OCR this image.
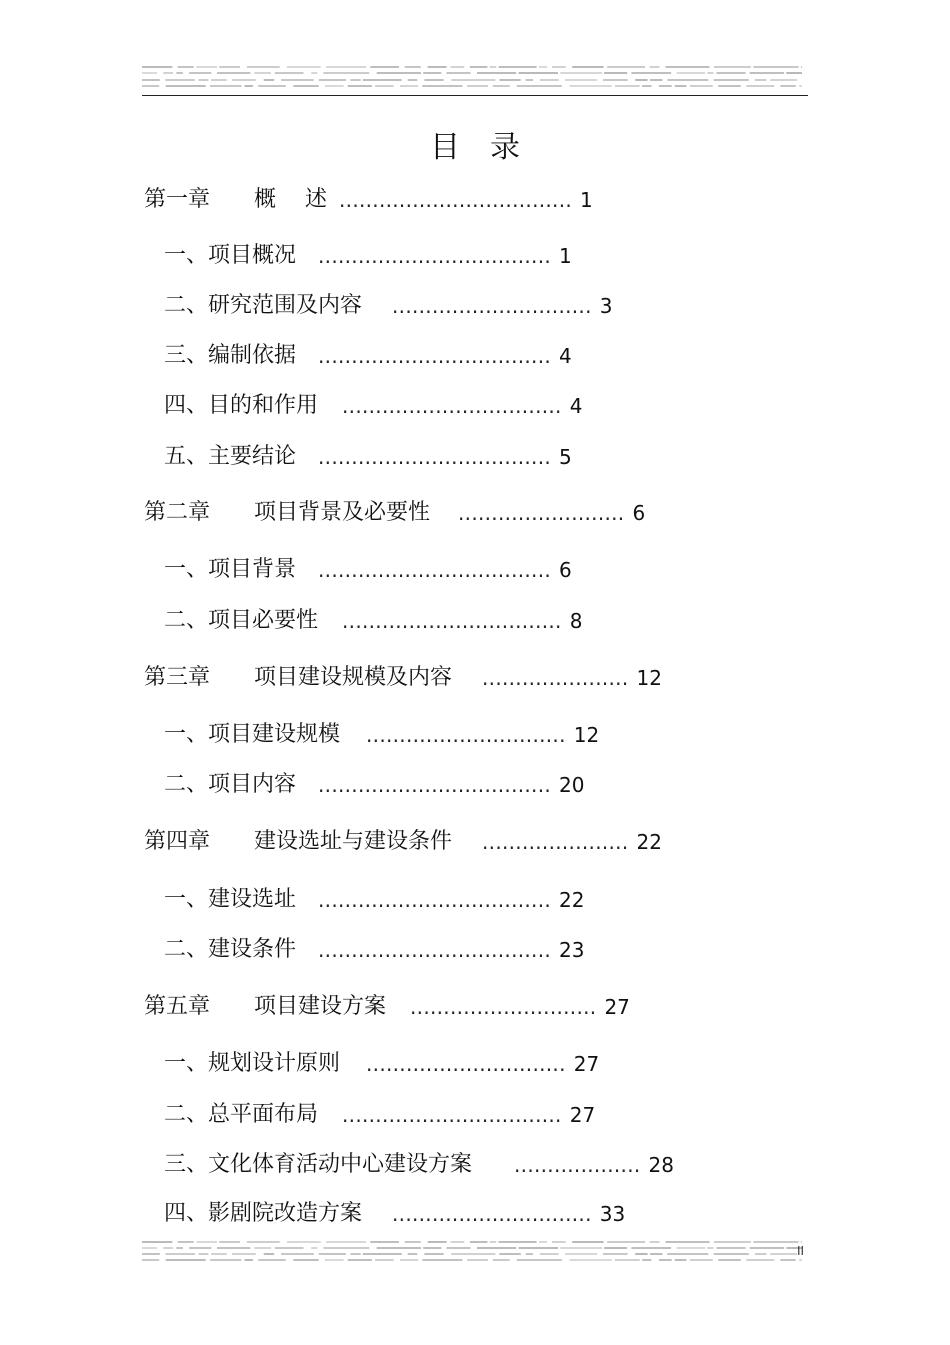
目　录
第一章　　概　 述 ................................... 1
一、项目概况 ................................... 1
二、研究范围及内容 .............................. 3
三、编制依据 ................................... 4
四、目的和作用 ................................. 4
五、主要结论 ................................... 5
第二章　　项目背景及必要性 ......................... 6
一、项目背景 ................................... 6
二、项目必要性 ................................. 8
第三章　　项目建设规模及内容 ...................... 12
一、项目建设规模 .............................. 12
二、项目内容 ................................... 20
第四章　　建设选址与建设条件 ...................... 22
一、建设选址 ................................... 22
二、建设条件 ................................... 23
第五章　　项目建设方案 ............................ 27
一、规划设计原则 .............................. 27
二、总平面布局 ................................. 27
三、文化体育活动中心建设方案 ................... 28
四、影剧院改造方案 .............................. 33
II
